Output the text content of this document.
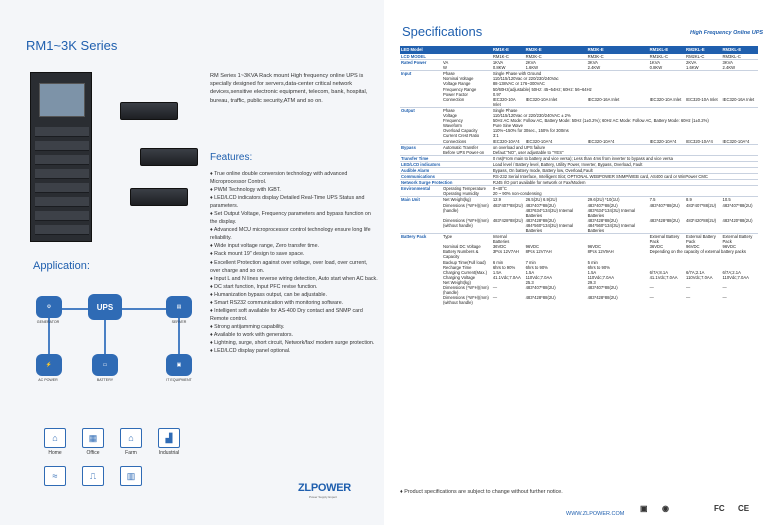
RM1~3K Series
RM Series 1~3KVA Rack mount High frequency online UPS is specially designed for servers,data-center critical network devices,sensitive electronic equipment, telecom, bank, hospital, bureau, traffic, public security,ATM and so on.
Features:
♦ True online double conversion technology with advanced Microprocessor Control.
♦ PWM Technology with IGBT.
♦ LED/LCD indicators display Detailed Real-Time UPS Status and parameters.
♦ Set Output Voltage, Frequency parameters and bypass function on the display.
♦ Advanced MCU microprocessor control technology ensure long life reliability.
♦ Wide input voltage range, Zero transfer time.
♦ Rack mount 19" design to save space.
♦ Excellent Protection against over voltage, over load, over current, over charge and so on.
♦ Input L and N lines reverse wiring detection, Auto start when AC back.
♦ DC start function, Input PFC revise function.
♦ Humanization bypass output, can be adjustable.
♦ Smart RS232 communication with monitoring software.
♦ Intelligent soft available for AS-400 Dry contact and SNMP card Remote control.
♦ Strong antijamming capability.
♦ Available to work with generators.
♦ Lightning, surge, short circuit, Network/fax/ modem surge protection.
♦ LED/LCD display panel optional.
Application:
⚙
GENERATOR
UPS	▤
SERVER
⚡
AC POWER
▭
BATTERY
▣
IT EQUIPMENT
⌂
Home
▦
Office
⌂
Farm
▟
Industrial
≈	⎍	▥
ZLPOWER
Power Supply Expert
Specifications	High Frequency Online UPS
LED Model		RM1K-E	RM2K-E	RM3K-E	RM1KL-E	RM2KL-E	RM3KL-E
LCD MODEL		RM1K-C	RM2K-C	RM3K-C	RM1KL-C	RM2KL-C	RM3KL-C
Rated Power	VA	1KVA	2KVA	3KVA	1KVA	2KVA	3KVA
	W	0.8KW	1.6KW	2.4KW	0.8KW	1.6KW	2.4KW
Input	Phase	Single Phase with Ground					
	Nominal Voltage	110/115/120Vac or 220/230/240Vac					
	Voltage Range	88-138VAC or 176~300VAC					
	Frequency Range	50/60Hz(adjustable) 50Hz: 45~54Hz; 60Hz: 56~64Hz					
	Power Factor	0.97					
	Connection	IEC320-10A Inlet	IEC320-10A Inlet	IEC320-16A Inlet	IEC320-10A Inlet	IEC320-10A Inlet	IEC320-16A Inlet
Output	Phase	Single Phase					
	Voltage	110/115/120Vac or 220/230/240VAC ± 2%					
	Frequency	50Hz AC Mode: Follow AC, Battery Mode: 50Hz (1±0.2%); 60Hz AC Mode: Follow AC, Battery Mode: 60Hz (1±0.2%)					
	Waveform	Pure Sine Wave					
	Overload Capacity	110%~150% for 30sec., 150% for 300ms					
	Current Crest Ratio	3:1					
	Connections	IEC320-10A*4	IEC320-10A*4	IEC320-10A*4	IEC320-10A*4	IEC320-10A*4	IEC320-10A*4
Bypass	Automatic Transfer	on overload and UPS failure					
	Before UPS Power-on	Defaut:"NO", user adjustable to "YES"					
Transfer Time		0 ms(From main to battery and vice versa); Less than 4ms from inverter to bypass and vice versa					
LED/LCD indicators		Load level / Battery level, Battery, Utility Power, Inverter, Bypass, Overload, Fault					
Audible Alarm		Bypass, On battery mode, Battery low, Overload,Fault					
Communications		RS-232 Serial Interface, Intelligent Slot; OPTIONAL WEBPOWER SNMP/WEB card, AS400 card or WinPower CMC					
Network Surge Protection		RJ45 I/O port available for network or Fax/Modem					
Environmental	Operating Temperature	0~40°C					
	Operating Humidity	20 ~ 90% non-condensing					
Main Unit	Net Weight(kg)	12.9	26.5(2U) 6.9(2U)	29.6(2U) *10(1U)	7.5	8.9	10.5
	Dimensions (*W*H)(mm) (handle)	483*407*88(2U)	483*407*88(2U) 483*634*134(3U) Internal Batteries	483*407*88(2U) 483*634*134(3U) Internal Batteries	483*407*88(2U)	483*407*88(2U)	483*407*88(2U)
	Dimensions (*W*H)(mm) (without handle)	483*428*88(2U)	483*428*88(2U) 484*560*134(3U) Internal Batteries	483*428*88(2U) 484*560*134(3U) Internal Batteries	483*428*88(2U)	483*420*88(2U)	483*420*88(2U)
Battery Pack	Type	Internal Batteries			External Battery Pack	External Battery Pack	External Battery Pack
	Nominal DC Voltage	36VDC	96VDC	96VDC	36VDC	96VDC	96VDC
	Battery Numbers & Capacity	3Pcs 12V7AH	8Pcs 12V7AH	8Pcs 12V9AH	Depending on the capacity of external battery packs		
	Backup Time(Full load)	6 min	7 min	5 min			
	Recharge Time	6hrs to 90%	6hrs to 90%	6hrs to 90%			
	Charging Current(Max.)	1.5A	1.5A	1.5A	6/7A;8.1A	6/7A;2.1A	6/7A;2.1A
	Charging Voltage	41.1Vdc;7.0AA	110Vdc;7.0AA	110Vdc;7.0AA	41.1Vdc;7.0AA	110Vdc;7.0AA	110Vdc;7.0AA
	Net Weight(kg)		25.3	29.3			
	Dimensions (*W*H)(mm) (handle)	—	483*407*88(2U)	483*407*88(2U)	—	—	—
	Dimensions (*W*H)(mm) (without handle)	—	483*428*88(2U)	483*428*88(2U)	—	—	—
♦ Product specifications are subject to change without further notice.
WWW.ZLPOWER.COM
▣ ◉	FC CE
